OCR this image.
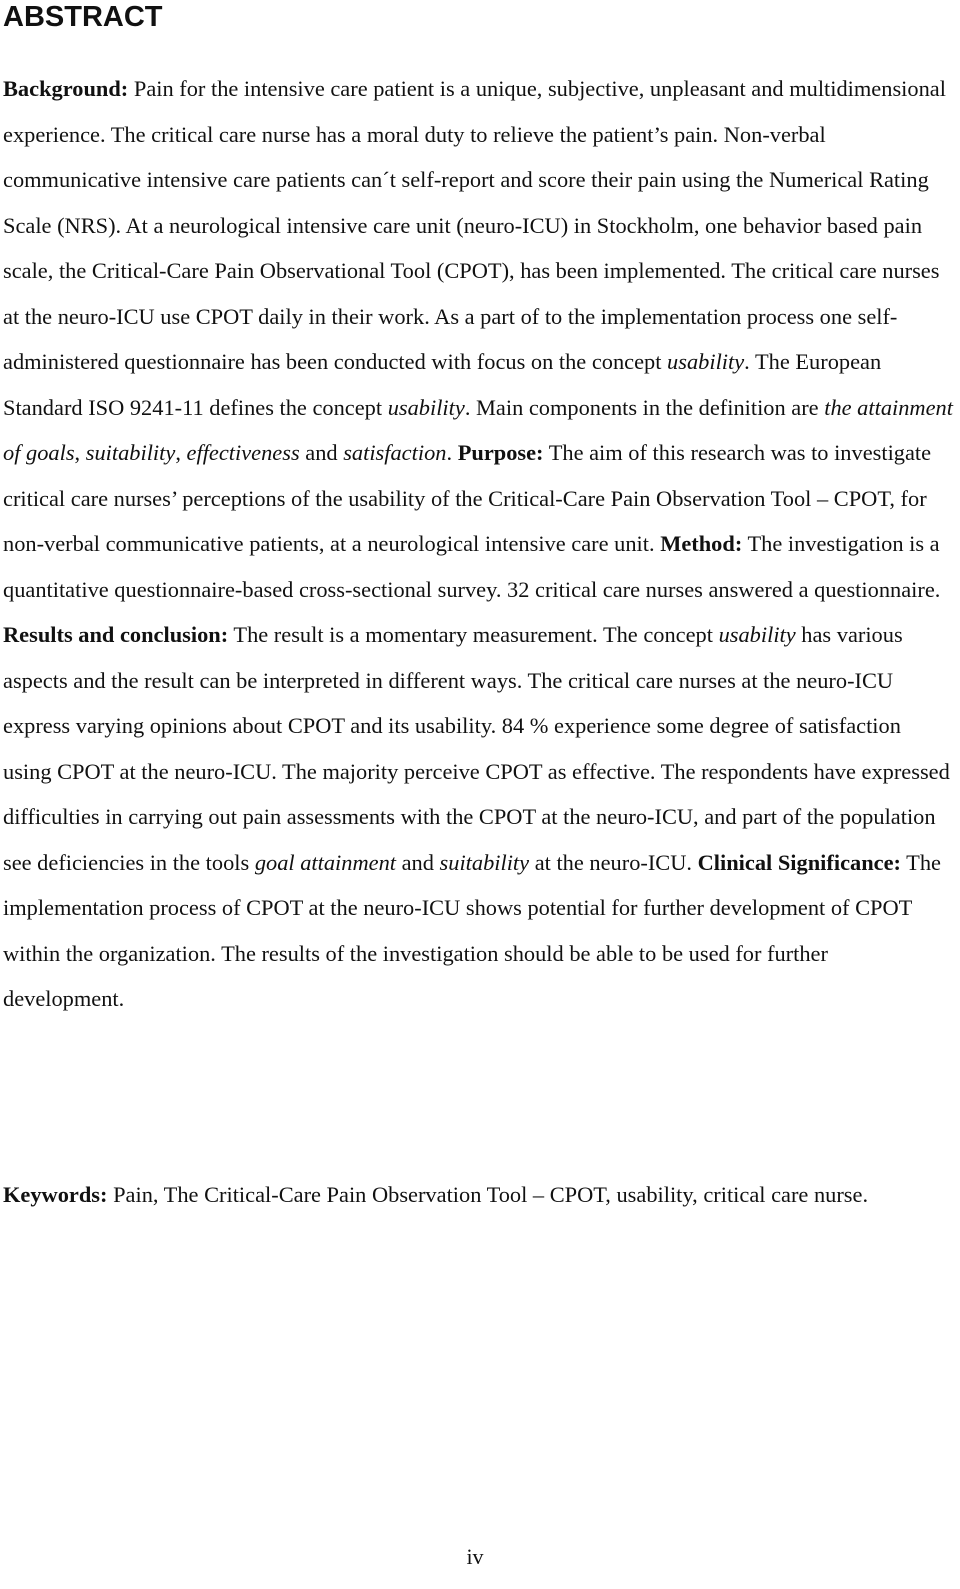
ABSTRACT

Background: Pain for the intensive care patient is a unique, subjective, unpleasant and multidimensional experience. The critical care nurse has a moral duty to relieve the patient’s pain. Non-verbal communicative intensive care patients can´t self-report and score their pain using the Numerical Rating Scale (NRS). At a neurological intensive care unit (neuro-ICU) in Stockholm, one behavior based pain scale, the Critical-Care Pain Observational Tool (CPOT), has been implemented. The critical care nurses at the neuro-ICU use CPOT daily in their work. As a part of to the implementation process one self-administered questionnaire has been conducted with focus on the concept usability. The European Standard ISO 9241-11 defines the concept usability. Main components in the definition are the attainment of goals, suitability, effectiveness and satisfaction. Purpose: The aim of this research was to investigate critical care nurses’ perceptions of the usability of the Critical-Care Pain Observation Tool – CPOT, for non-verbal communicative patients, at a neurological intensive care unit. Method: The investigation is a quantitative questionnaire-based cross-sectional survey. 32 critical care nurses answered a questionnaire. Results and conclusion: The result is a momentary measurement. The concept usability has various aspects and the result can be interpreted in different ways. The critical care nurses at the neuro-ICU express varying opinions about CPOT and its usability. 84 % experience some degree of satisfaction using CPOT at the neuro-ICU. The majority perceive CPOT as effective. The respondents have expressed difficulties in carrying out pain assessments with the CPOT at the neuro-ICU, and part of the population see deficiencies in the tools goal attainment and suitability at the neuro-ICU. Clinical Significance: The implementation process of CPOT at the neuro-ICU shows potential for further development of CPOT within the organization. The results of the investigation should be able to be used for further development.

Keywords: Pain, The Critical-Care Pain Observation Tool – CPOT, usability, critical care nurse.

iv
